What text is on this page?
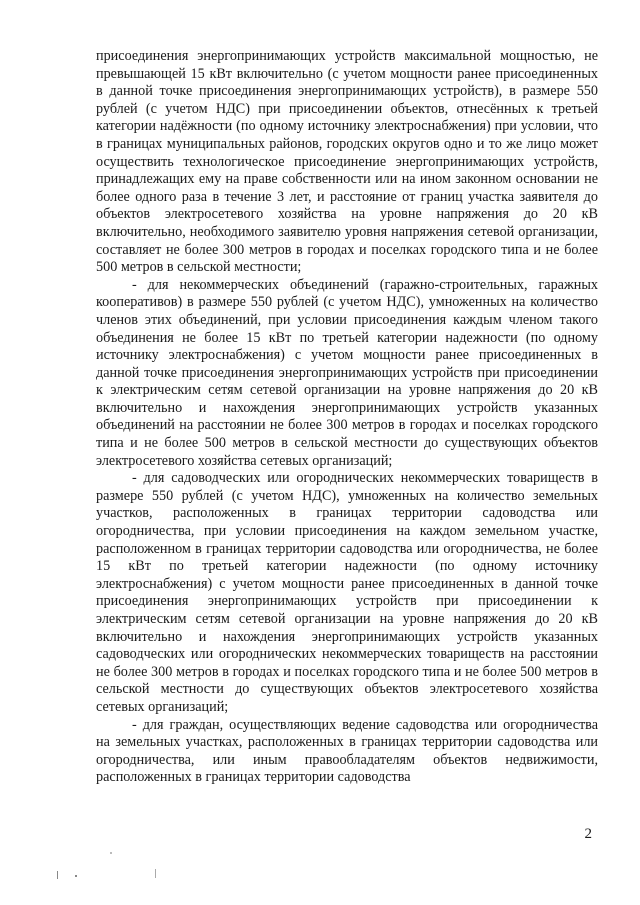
присоединения энергопринимающих устройств максимальной мощностью, не превышающей 15 кВт включительно (с учетом мощности ранее присоединенных в данной точке присоединения энергопринимающих устройств), в размере 550 рублей (с учетом НДС) при присоединении объектов, отнесённых к третьей категории надёжности (по одному источнику электроснабжения) при условии, что в границах муниципальных районов, городских округов одно и то же лицо может осуществить технологическое присоединение энергопринимающих устройств, принадлежащих ему на праве собственности или на ином законном основании не более одного раза в течение 3 лет, и расстояние от границ участка заявителя до объектов электросетевого хозяйства на уровне напряжения до 20 кВ включительно, необходимого заявителю уровня напряжения сетевой организации, составляет не более 300 метров в городах и поселках городского типа и не более 500 метров в сельской местности;

- для некоммерческих объединений (гаражно-строительных, гаражных кооперативов) в размере 550 рублей (с учетом НДС), умноженных на количество членов этих объединений, при условии присоединения каждым членом такого объединения не более 15 кВт по третьей категории надежности (по одному источнику электроснабжения) с учетом мощности ранее присоединенных в данной точке присоединения энергопринимающих устройств при присоединении к электрическим сетям сетевой организации на уровне напряжения до 20 кВ включительно и нахождения энергопринимающих устройств указанных объединений на расстоянии не более 300 метров в городах и поселках городского типа и не более 500 метров в сельской местности до существующих объектов электросетевого хозяйства сетевых организаций;

- для садоводческих или огороднических некоммерческих товариществ в размере 550 рублей (с учетом НДС), умноженных на количество земельных участков, расположенных в границах территории садоводства или огородничества, при условии присоединения на каждом земельном участке, расположенном в границах территории садоводства или огородничества, не более 15 кВт по третьей категории надежности (по одному источнику электроснабжения) с учетом мощности ранее присоединенных в данной точке присоединения энергопринимающих устройств при присоединении к электрическим сетям сетевой организации на уровне напряжения до 20 кВ включительно и нахождения энергопринимающих устройств указанных садоводческих или огороднических некоммерческих товариществ на расстоянии не более 300 метров в городах и поселках городского типа и не более 500 метров в сельской местности до существующих объектов электросетевого хозяйства сетевых организаций;

- для граждан, осуществляющих ведение садоводства или огородничества на земельных участках, расположенных в границах территории садоводства или огородничества, или иным правообладателям объектов недвижимости, расположенных в границах территории садоводства

2
